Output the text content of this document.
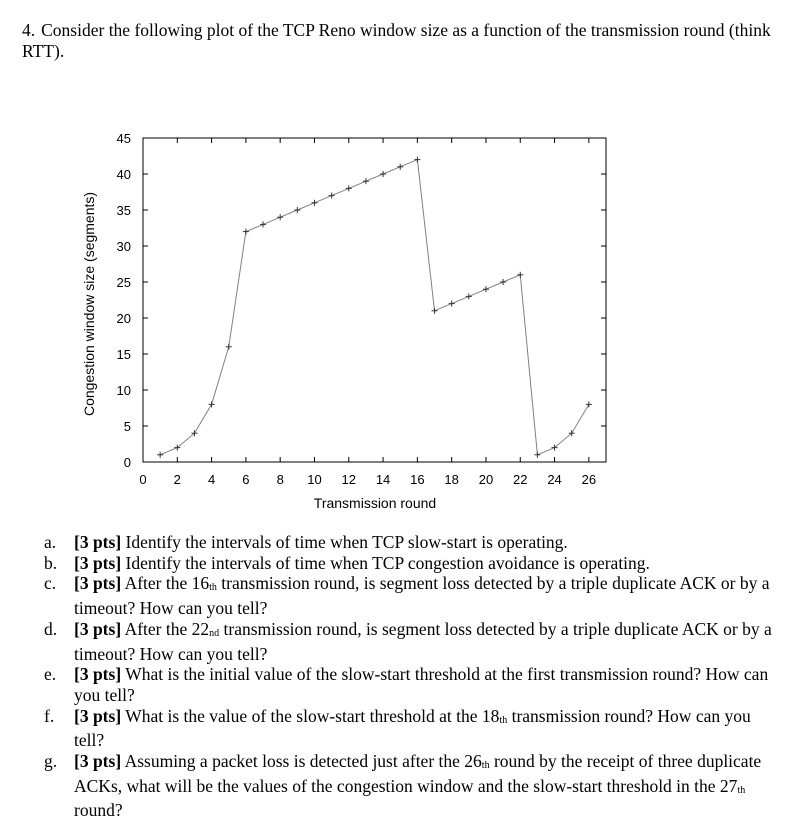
4. Consider the following plot of the TCP Reno window size as a function of the transmission round (think RTT).
0 2 4 6 8 10 12 14 16 18 20 22 24 26
0
5
10
15
20
25
30
35
40
45
Transmission round
Congestion window size (segments)
a.	[3 pts] Identify the intervals of time when TCP slow-start is operating.
b. [3 pts] Identify the intervals of time when TCP congestion avoidance is operating.
c.	[3 pts] After the $16_{th}$ transmission round, is segment loss detected by a triple duplicate ACK or by a timeout? How can you tell?
d. [3 pts] After the $22_{nd}$ transmission round, is segment loss detected by a triple duplicate ACK or by a timeout? How can you tell?
e.	[3 pts] What is the initial value of the slow-start threshold at the first transmission round? How can you tell?
f.	[3 pts] What is the value of the slow-start threshold at the $18_{th}$ transmission round? How can you tell?
g. [3 pts] Assuming a packet loss is detected just after the $26_{th}$ round by the receipt of three duplicate ACKs, what will be the values of the congestion window and the slow-start threshold in the $27_{th}$ round?
